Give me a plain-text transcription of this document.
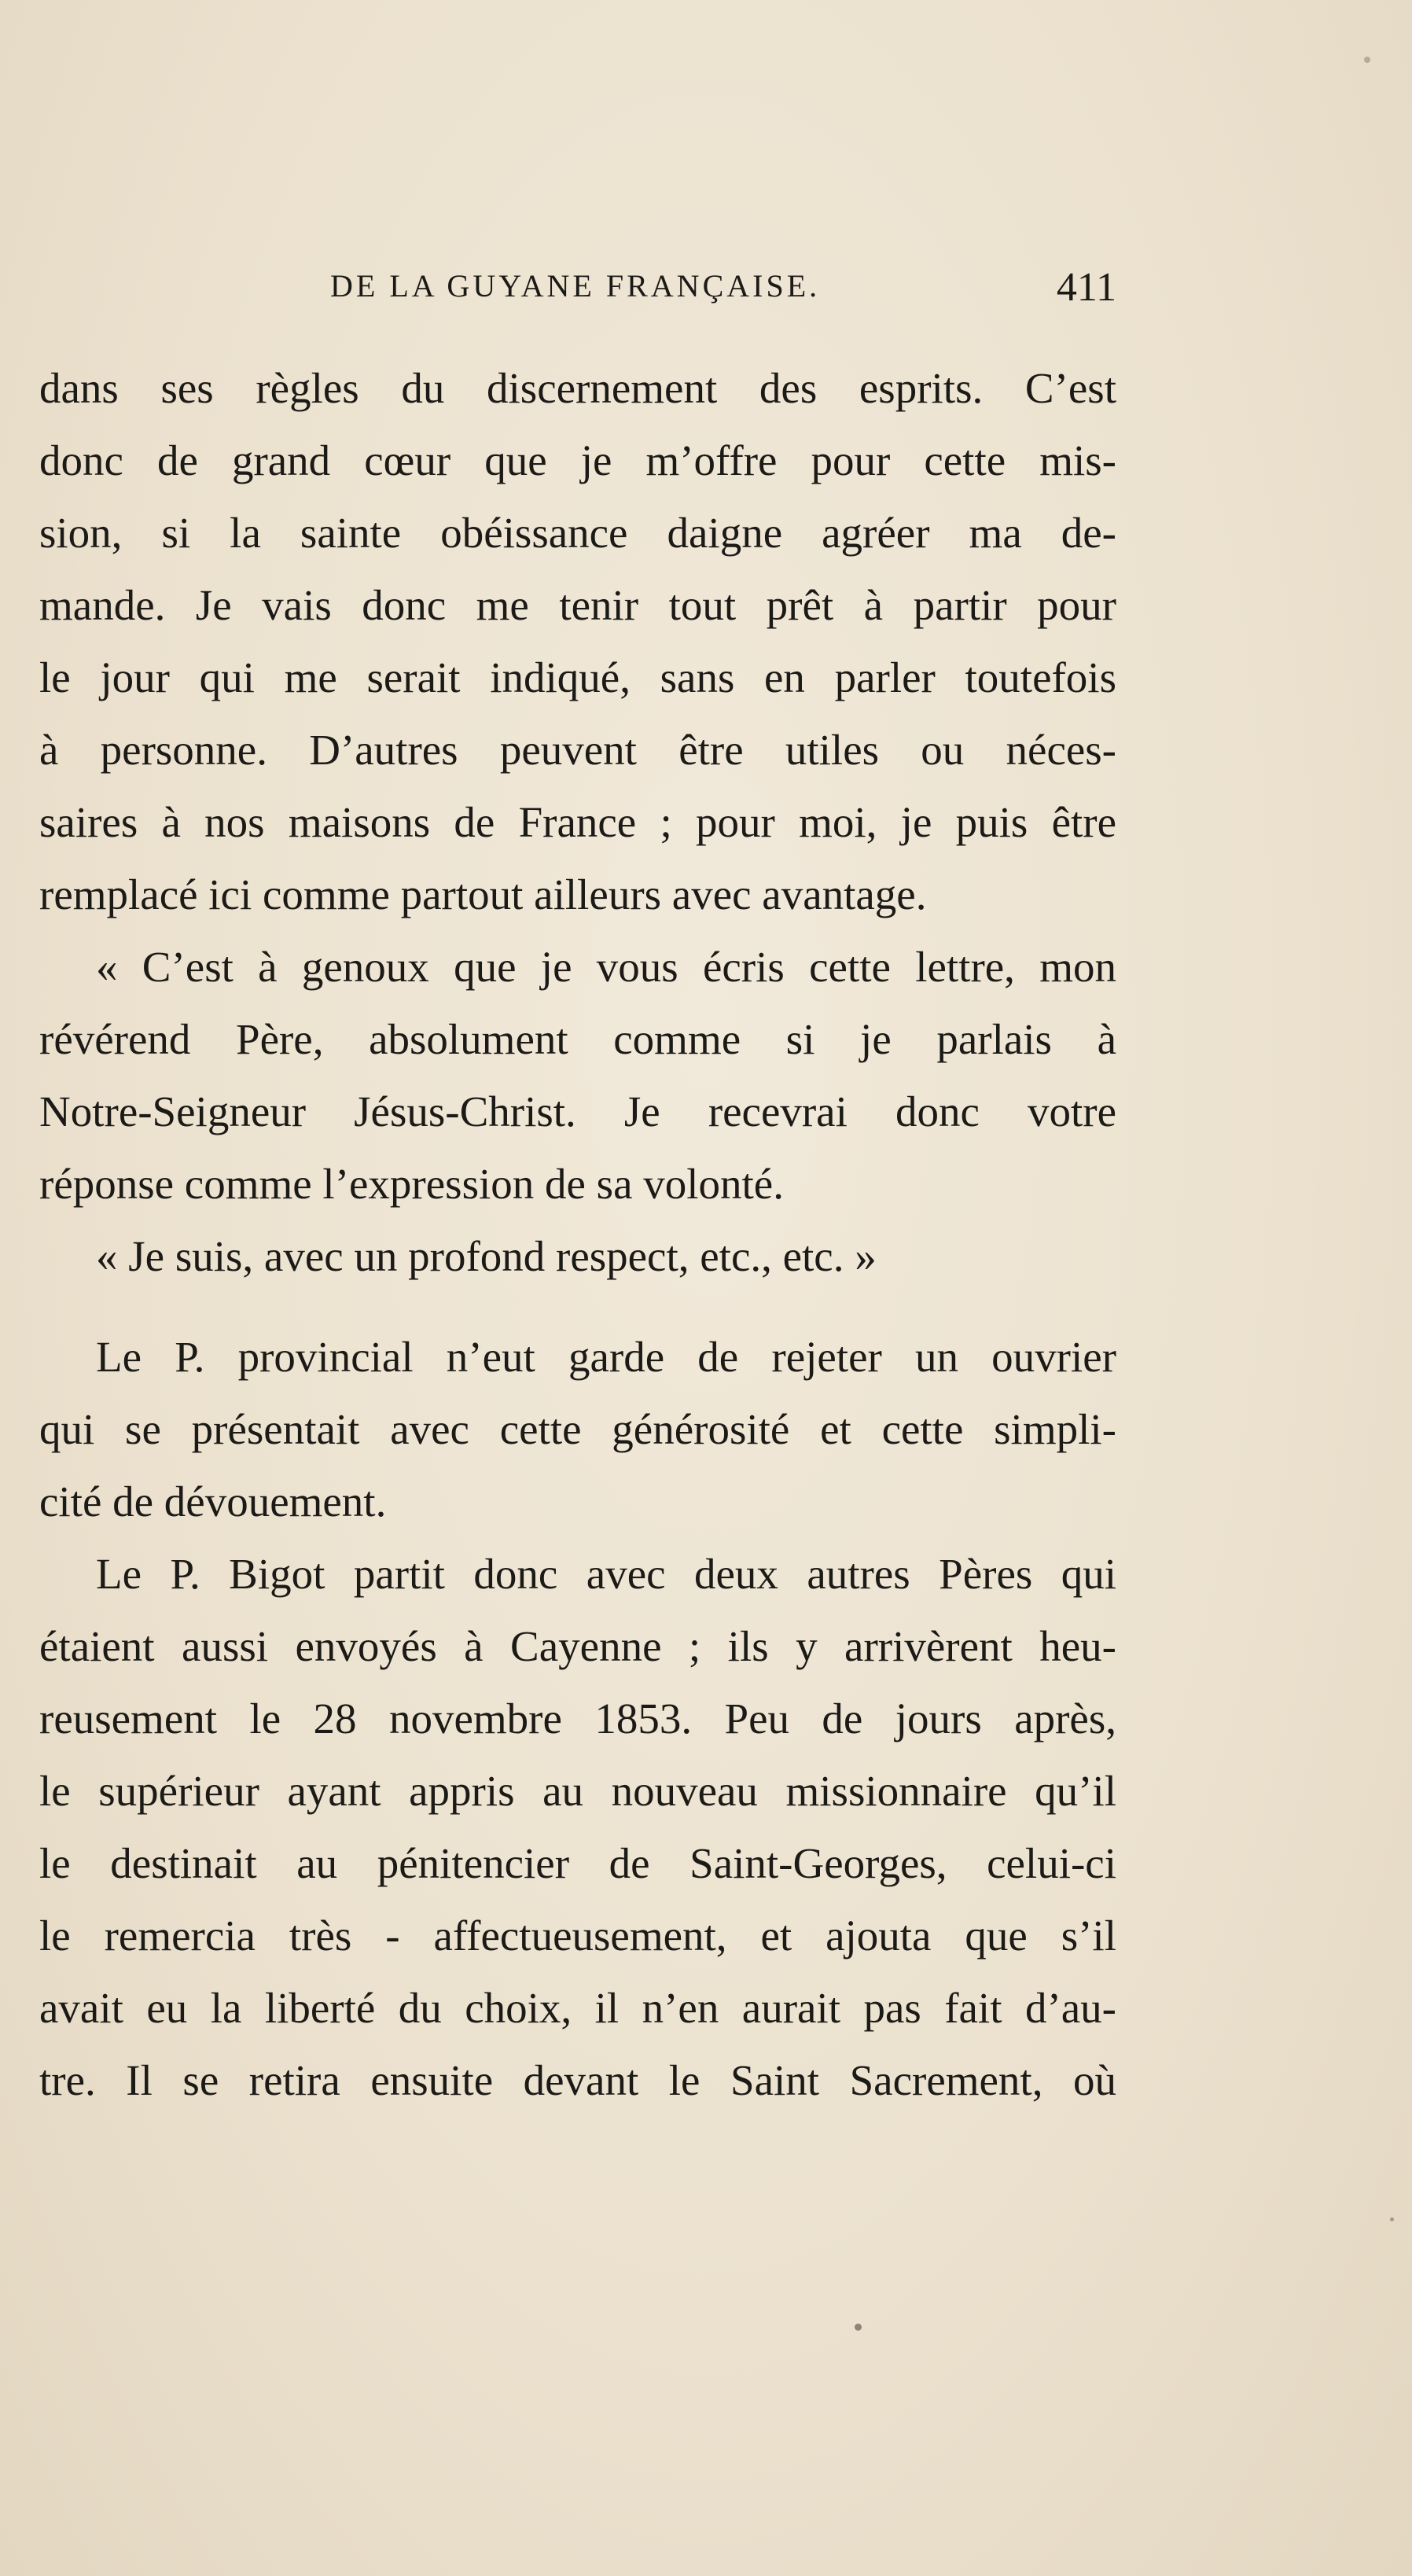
DE LA GUYANE FRANÇAISE.	411
dans ses règles du discernement des esprits. C’est
donc de grand cœur que je m’offre pour cette mis-
sion, si la sainte obéissance daigne agréer ma de-
mande. Je vais donc me tenir tout prêt à partir pour
le jour qui me serait indiqué, sans en parler toutefois
à personne. D’autres peuvent être utiles ou néces-
saires à nos maisons de France ; pour moi, je puis être
remplacé ici comme partout ailleurs avec avantage.
« C’est à genoux que je vous écris cette lettre, mon
révérend Père, absolument comme si je parlais à
Notre-Seigneur Jésus-Christ. Je recevrai donc votre
réponse comme l’expression de sa volonté.
« Je suis, avec un profond respect, etc., etc. »
Le P. provincial n’eut garde de rejeter un ouvrier
qui se présentait avec cette générosité et cette simpli-
cité de dévouement.
Le P. Bigot partit donc avec deux autres Pères qui
étaient aussi envoyés à Cayenne ; ils y arrivèrent heu-
reusement le 28 novembre 1853. Peu de jours après,
le supérieur ayant appris au nouveau missionnaire qu’il
le destinait au pénitencier de Saint-Georges, celui-ci
le remercia très - affectueusement, et ajouta que s’il
avait eu la liberté du choix, il n’en aurait pas fait d’au-
tre. Il se retira ensuite devant le Saint Sacrement, où
